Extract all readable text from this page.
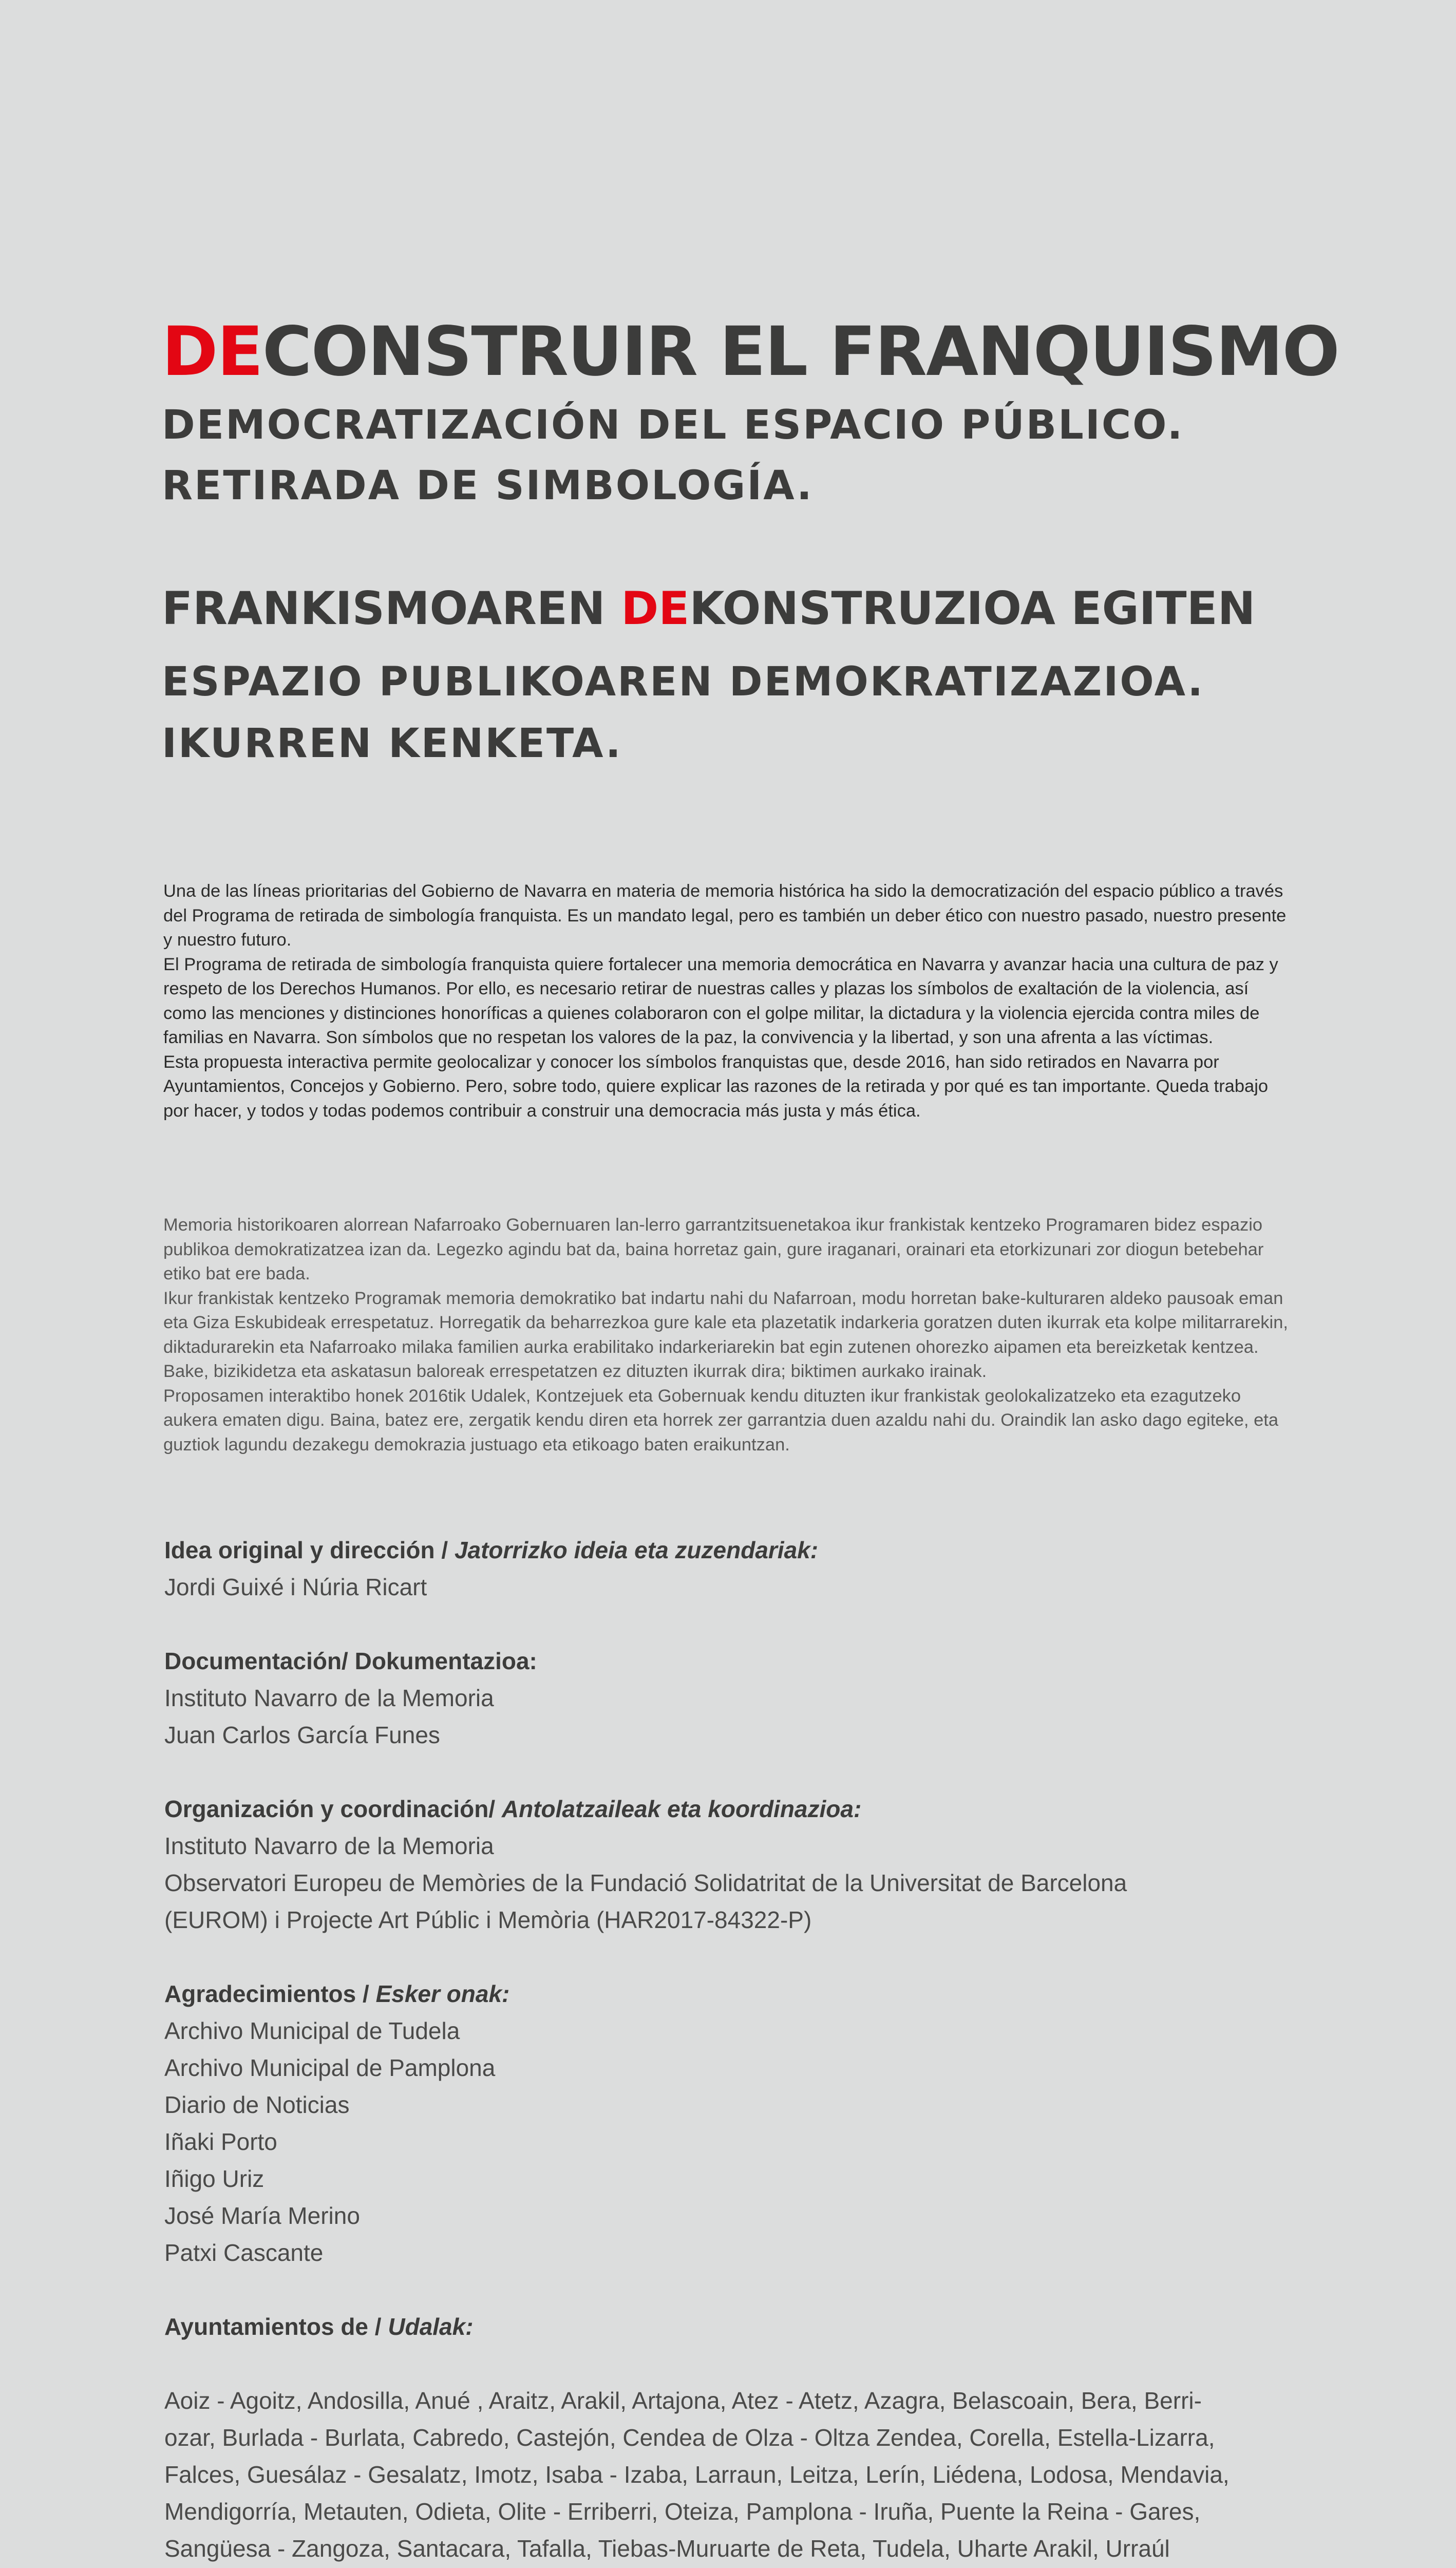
DECONSTRUIR EL FRANQUISMO
DEMOCRATIZACIÓN DEL ESPACIO PÚBLICO.
RETIRADA DE SIMBOLOGÍA.
FRANKISMOAREN DEKONSTRUZIOA EGITEN
ESPAZIO PUBLIKOAREN DEMOKRATIZAZIOA.
IKURREN KENKETA.

Una de las líneas prioritarias del Gobierno de Navarra en materia de memoria histórica ha sido la democratización del espacio público a través del Programa de retirada de simbología franquista. Es un mandato legal, pero es también un deber ético con nuestro pasado, nuestro presente y nuestro futuro.

El Programa de retirada de simbología franquista quiere fortalecer una memoria democrática en Navarra y avanzar hacia una cultura de paz y respeto de los Derechos Humanos. Por ello, es necesario retirar de nuestras calles y plazas los símbolos de exaltación de la violencia, así como las menciones y distinciones honoríficas a quienes colaboraron con el golpe militar, la dictadura y la violencia ejercida contra miles de familias en Navarra. Son símbolos que no respetan los valores de la paz, la convivencia y la libertad, y son una afrenta a las víctimas.

Esta propuesta interactiva permite geolocalizar y conocer los símbolos franquistas que, desde 2016, han sido retirados en Navarra por Ayuntamientos, Concejos y Gobierno. Pero, sobre todo, quiere explicar las razones de la retirada y por qué es tan importante. Queda trabajo por hacer, y todos y todas podemos contribuir a construir una democracia más justa y más ética.

Memoria historikoaren alorrean Nafarroako Gobernuaren lan-lerro garrantzitsuenetakoa ikur frankistak kentzeko Programaren bidez espazio publikoa demokratizatzea izan da. Legezko agindu bat da, baina horretaz gain, gure iraganari, orainari eta etorkizunari zor diogun betebehar etiko bat ere bada.

Ikur frankistak kentzeko Programak memoria demokratiko bat indartu nahi du Nafarroan, modu horretan bake-kulturaren aldeko pausoak eman eta Giza Eskubideak errespetatuz. Horregatik da beharrezkoa gure kale eta plazetatik indarkeria goratzen duten ikurrak eta kolpe militarrarekin, diktadurarekin eta Nafarroako milaka familien aurka erabilitako indarkeriarekin bat egin zutenen ohorezko aipamen eta bereizketak kentzea. Bake, bizikidetza eta askatasun baloreak errespetatzen ez dituzten ikurrak dira; biktimen aurkako irainak.

Proposamen interaktibo honek 2016tik Udalek, Kontzejuek eta Gobernuak kendu dituzten ikur frankistak geolokalizatzeko eta ezagutzeko aukera ematen digu. Baina, batez ere, zergatik kendu diren eta horrek zer garrantzia duen azaldu nahi du. Oraindik lan asko dago egiteke, eta guztiok lagundu dezakegu demokrazia justuago eta etikoago baten eraikuntzan.

Idea original y dirección / Jatorrizko ideia eta zuzendariak:
Jordi Guixé i Núria Ricart
Documentación/ Dokumentazioa:
Instituto Navarro de la Memoria
Juan Carlos García Funes
Organización y coordinación/ Antolatzaileak eta koordinazioa:
Instituto Navarro de la Memoria
Observatori Europeu de Memòries de la Fundació Solidatritat de la Universitat de Barcelona
(EUROM) i Projecte Art Públic i Memòria (HAR2017-84322-P)
Agradecimientos / Esker onak:
Archivo Municipal de Tudela
Archivo Municipal de Pamplona
Diario de Noticias
Iñaki Porto
Iñigo Uriz
José María Merino
Patxi Cascante
Ayuntamientos de / Udalak:
Aoiz - Agoitz, Andosilla, Anué , Araitz, Arakil, Artajona, Atez - Atetz, Azagra, Belascoain, Bera, Berri-
ozar, Burlada - Burlata, Cabredo, Castejón, Cendea de Olza - Oltza Zendea, Corella, Estella-Lizarra,
Falces, Guesálaz - Gesalatz, Imotz, Isaba - Izaba, Larraun, Leitza, Lerín, Liédena, Lodosa, Mendavia,
Mendigorría, Metauten, Odieta, Olite - Erriberri, Oteiza, Pamplona - Iruña, Puente la Reina - Gares,
Sangüesa - Zangoza, Santacara, Tafalla, Tiebas-Muruarte de Reta, Tudela, Uharte Arakil, Urraúl
